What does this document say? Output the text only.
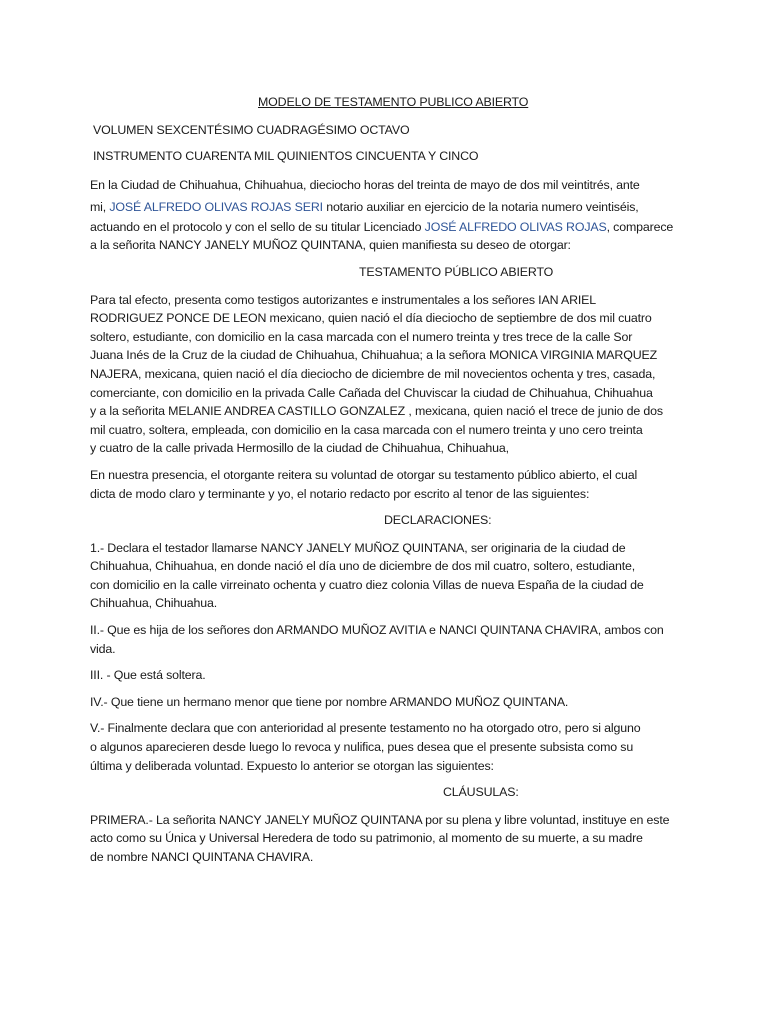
MODELO DE TESTAMENTO PUBLICO ABIERTO

VOLUMEN SEXCENTÉSIMO CUADRAGÉSIMO OCTAVO

INSTRUMENTO CUARENTA MIL QUINIENTOS CINCUENTA Y CINCO

En la Ciudad de Chihuahua, Chihuahua, dieciocho horas del treinta de mayo de dos mil veintitrés, ante

mi, JOSÉ ALFREDO OLIVAS ROJAS SERI notario auxiliar en ejercicio de la notaria numero veintiséis,

actuando en el protocolo y con el sello de su titular Licenciado JOSÉ ALFREDO OLIVAS ROJAS, comparece

a la señorita NANCY JANELY MUÑOZ QUINTANA, quien manifiesta su deseo de otorgar:

TESTAMENTO PÚBLICO ABIERTO

Para tal efecto, presenta como testigos autorizantes e instrumentales a los señores IAN ARIEL

RODRIGUEZ PONCE DE LEON mexicano, quien nació el día dieciocho de septiembre de dos mil cuatro

soltero, estudiante, con domicilio en la casa marcada con el numero treinta y tres trece de la calle Sor

Juana Inés de la Cruz de la ciudad de Chihuahua, Chihuahua; a la señora MONICA VIRGINIA MARQUEZ

NAJERA, mexicana, quien nació el día dieciocho de diciembre de mil novecientos ochenta y tres, casada,

comerciante, con domicilio en la privada Calle Cañada del Chuviscar la ciudad de Chihuahua, Chihuahua

y a la señorita MELANIE ANDREA CASTILLO GONZALEZ , mexicana, quien nació el trece de junio de dos

mil cuatro, soltera, empleada, con domicilio en la casa marcada con el numero treinta y uno cero treinta

y cuatro de la calle privada Hermosillo de la ciudad de Chihuahua, Chihuahua,

En nuestra presencia, el otorgante reitera su voluntad de otorgar su testamento público abierto, el cual

dicta de modo claro y terminante y yo, el notario redacto por escrito al tenor de las siguientes:

DECLARACIONES:

1.- Declara el testador llamarse NANCY JANELY MUÑOZ QUINTANA, ser originaria de la ciudad de

Chihuahua, Chihuahua, en donde nació el día uno de diciembre de dos mil cuatro, soltero, estudiante,

con domicilio en la calle virreinato ochenta y cuatro diez colonia Villas de nueva España de la ciudad de

Chihuahua, Chihuahua.

II.- Que es hija de los señores don ARMANDO MUÑOZ AVITIA e NANCI QUINTANA CHAVIRA, ambos con

vida.

III. - Que está soltera.

IV.- Que tiene un hermano menor que tiene por nombre ARMANDO MUÑOZ QUINTANA.

V.- Finalmente declara que con anterioridad al presente testamento no ha otorgado otro, pero si alguno

o algunos aparecieren desde luego lo revoca y nulifica, pues desea que el presente subsista como su

última y deliberada voluntad. Expuesto lo anterior se otorgan las siguientes:

CLÁUSULAS:

PRIMERA.- La señorita NANCY JANELY MUÑOZ QUINTANA por su plena y libre voluntad, instituye en este

acto como su Única y Universal Heredera de todo su patrimonio, al momento de su muerte, a su madre

de nombre NANCI QUINTANA CHAVIRA.
